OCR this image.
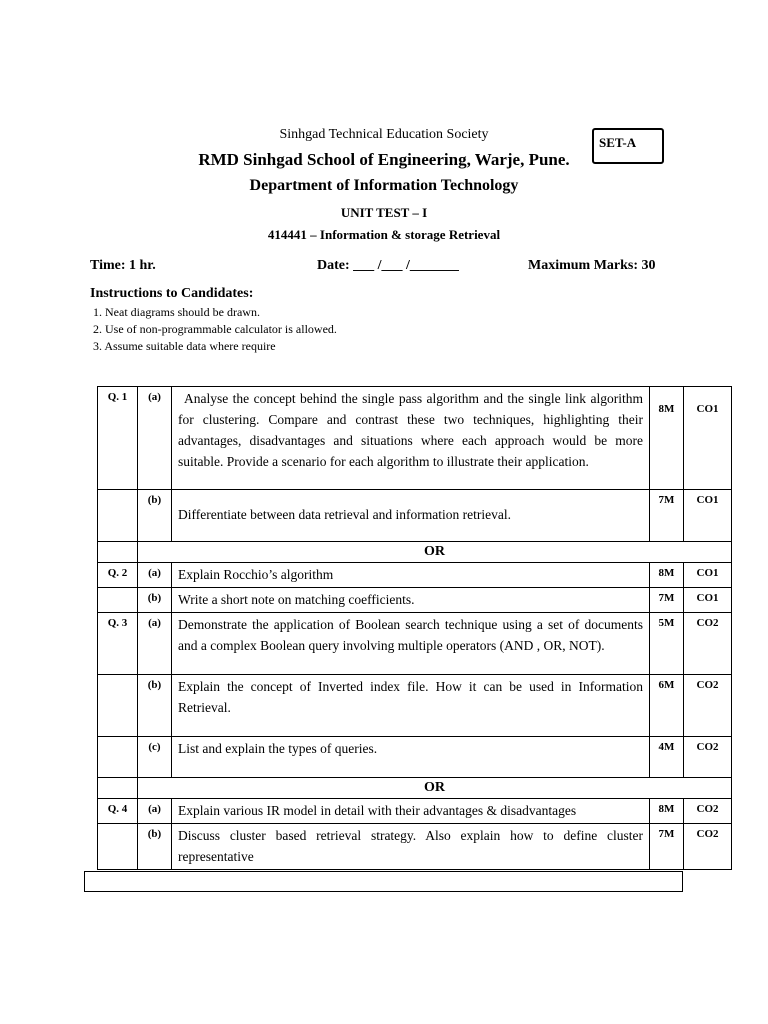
Sinhgad Technical Education Society
RMD Sinhgad School of Engineering, Warje, Pune.
Department of Information Technology
UNIT TEST – I
414441 – Information & storage Retrieval
SET-A
Time: 1 hr.	Date: ___ /___ /_______	Maximum Marks: 30
Instructions to Candidates:
1. Neat diagrams should be drawn.
2. Use of non-programmable calculator is allowed.
3. Assume suitable data where require
Q. 1	(a)	Analyse the concept behind the single pass algorithm and the single link algorithm for clustering. Compare and contrast these two techniques, highlighting their advantages, disadvantages and situations where each approach would be more suitable. Provide a scenario for each algorithm to illustrate their application.	8M	CO1
	(b)	Differentiate between data retrieval and information retrieval.	7M	CO1
	OR			
Q. 2	(a)	Explain Rocchio’s algorithm	8M	CO1
	(b)	Write a short note on matching coefficients.	7M	CO1
Q. 3	(a)	Demonstrate the application of Boolean search technique using a set of documents and a complex Boolean query involving multiple operators (AND , OR, NOT).	5M	CO2
	(b)	Explain the concept of Inverted index file. How it can be used in Information Retrieval.	6M	CO2
	(c)	List and explain the types of queries.	4M	CO2
	OR			
Q. 4	(a)	Explain various IR model in detail with their advantages & disadvantages	8M	CO2
	(b)	Discuss cluster based retrieval strategy. Also explain how to define cluster representative	7M	CO2
